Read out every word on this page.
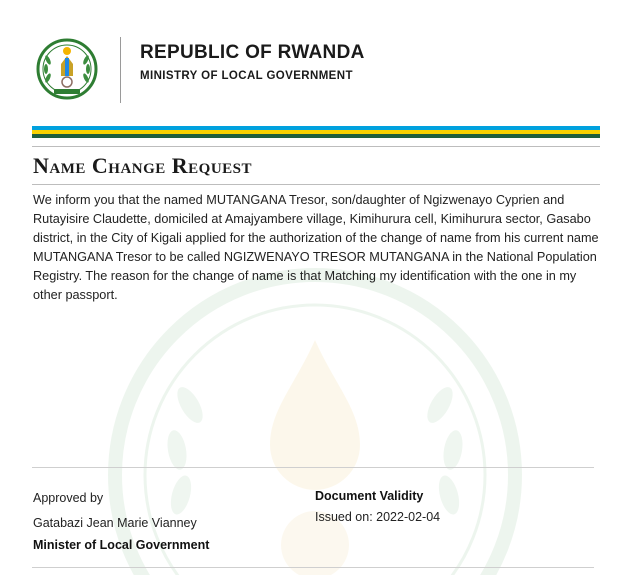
REPUBLIC OF RWANDA

MINISTRY OF LOCAL GOVERNMENT

Name Change Request

We inform you that the named MUTANGANA Tresor, son/daughter of Ngizwenayo Cyprien and Rutayisire Claudette, domiciled at Amajyambere village, Kimihurura cell, Kimihurura sector, Gasabo district, in the City of Kigali applied for the authorization of the change of name from his current name MUTANGANA Tresor to be called NGIZWENAYO TRESOR MUTANGANA in the National Population Registry. The reason for the change of name is that Matching my identification with the one in my other passport.

Approved by

Gatabazi Jean Marie Vianney

Minister of Local Government

Document Validity

Issued on: 2022-02-04
